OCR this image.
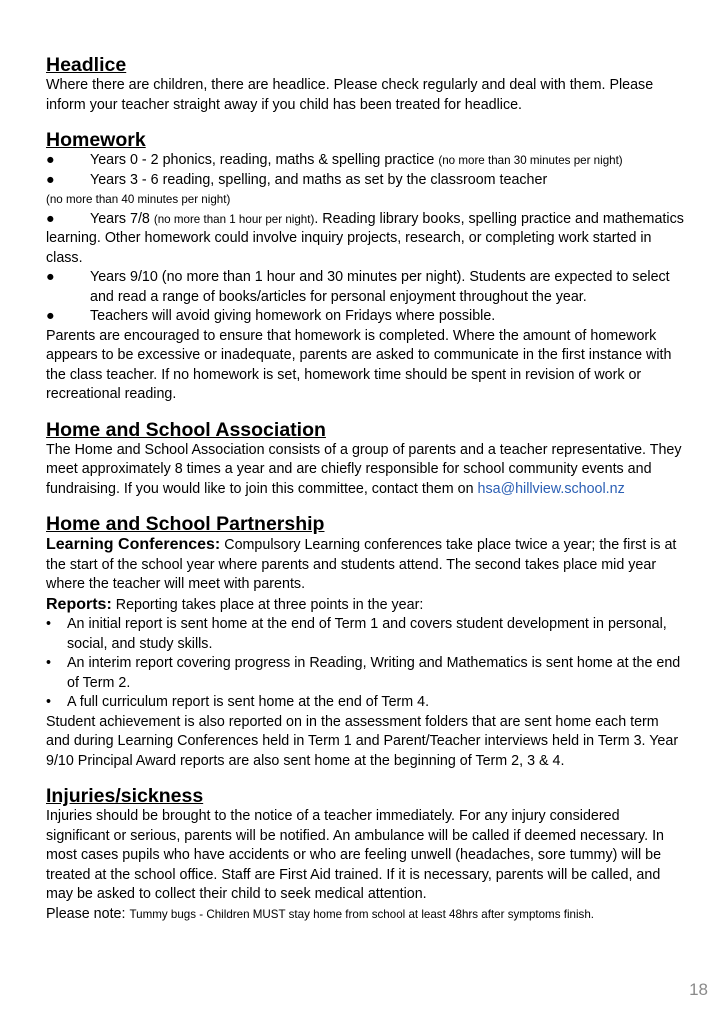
Headlice

Where there are children, there are headlice. Please check regularly and deal with them. Please inform your teacher straight away if you child has been treated for headlice.

Homework
●	Years 0 - 2 phonics, reading, maths & spelling practice (no more than 30 minutes per night)
●	Years 3 - 6 reading, spelling, and maths as set by the classroom teacher

(no more than 40 minutes per night)

● Years 7/8 (no more than 1 hour per night). Reading library books, spelling practice and mathematics learning. Other homework could involve inquiry projects, research, or completing work started in class.

●	Years 9/10 (no more than 1 hour and 30 minutes per night). Students are expected to select and read a range of books/articles for personal enjoyment throughout the year.
●	Teachers will avoid giving homework on Fridays where possible.

Parents are encouraged to ensure that homework is completed. Where the amount of homework appears to be excessive or inadequate, parents are asked to communicate in the first instance with the class teacher. If no homework is set, homework time should be spent in revision of work or recreational reading.

Home and School Association

The Home and School Association consists of a group of parents and a teacher representative. They meet approximately 8 times a year and are chiefly responsible for school community events and fundraising. If you would like to join this committee, contact them on hsa@hillview.school.nz

Home and School Partnership

Learning Conferences: Compulsory Learning conferences take place twice a year; the first is at the start of the school year where parents and students attend. The second takes place mid year where the teacher will meet with parents.

Reports: Reporting takes place at three points in the year:

•	An initial report is sent home at the end of Term 1 and covers student development in personal, social, and study skills.
•	An interim report covering progress in Reading, Writing and Mathematics is sent home at the end of Term 2.
•	A full curriculum report is sent home at the end of Term 4.

Student achievement is also reported on in the assessment folders that are sent home each term and during Learning Conferences held in Term 1 and Parent/Teacher interviews held in Term 3. Year 9/10 Principal Award reports are also sent home at the beginning of Term 2, 3 & 4.

Injuries/sickness

Injuries should be brought to the notice of a teacher immediately. For any injury considered significant or serious, parents will be notified. An ambulance will be called if deemed necessary. In most cases pupils who have accidents or who are feeling unwell (headaches, sore tummy) will be treated at the school office. Staff are First Aid trained. If it is necessary, parents will be called, and may be asked to collect their child to seek medical attention.

Please note: Tummy bugs - Children MUST stay home from school at least 48hrs after symptoms finish.

18
